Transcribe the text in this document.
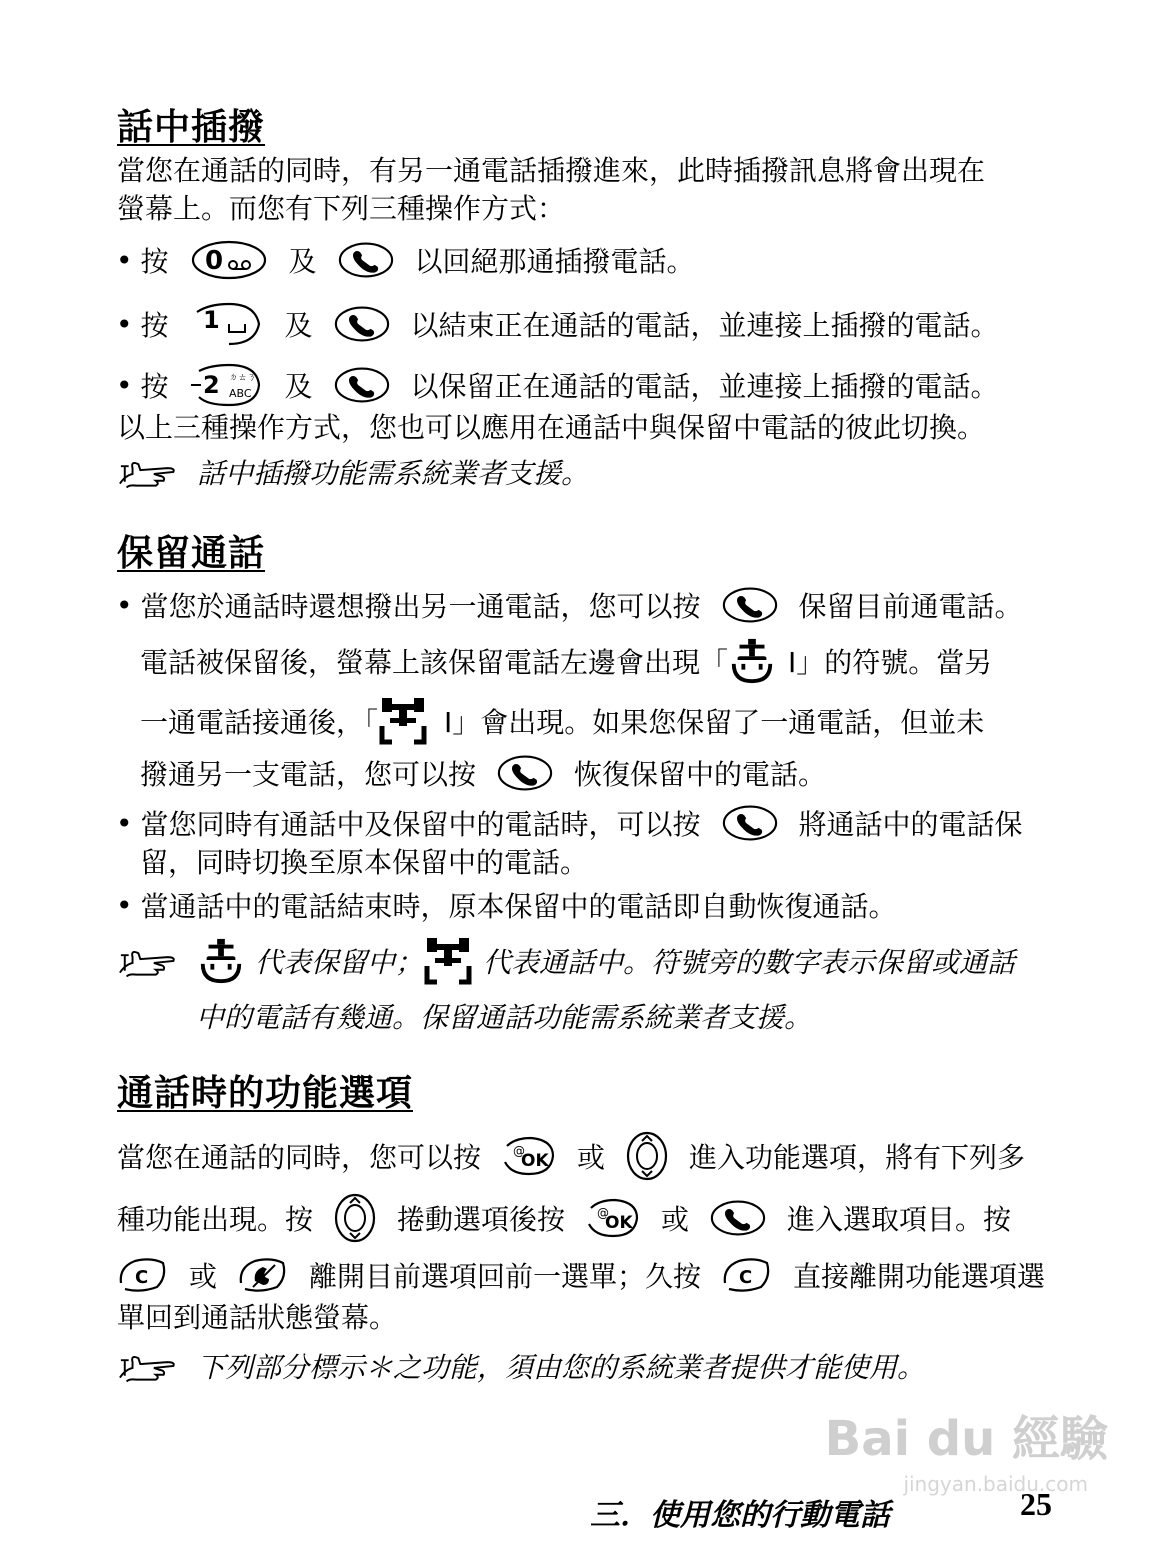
話中插撥
當您在通話的同時，有另一通電話插撥進來，此時插撥訊息將會出現在
螢幕上。而您有下列三種操作方式：
• 按 0 及	以回絕那通插撥電話。
• 按 1 及	以結束正在通話的電話，並連接上插撥的電話。
• 按 2 ㄉㄊㄋ
ABC 及	以保留正在通話的電話，並連接上插撥的電話。
以上三種操作方式，您也可以應用在通話中與保留中電話的彼此切換。
話中插撥功能需系統業者支援。
保留通話
• 當您於通話時還想撥出另一通電話，您可以按	保留目前通電話。
電話被保留後，螢幕上該保留電話左邊會出現「 I」的符號。當另
一通電話接通後，「 I」會出現。如果您保留了一通電話，但並未
撥通另一支電話，您可以按	恢復保留中的電話。
• 當您同時有通話中及保留中的電話時，可以按	將通話中的電話保
留，同時切換至原本保留中的電話。
• 當通話中的電話結束時，原本保留中的電話即自動恢復通話。
代表保留中； 代表通話中。符號旁的數字表示保留或通話
中的電話有幾通。保留通話功能需系統業者支援。
通話時的功能選項
當您在通話的同時，您可以按	@
OK 或	進入功能選項，將有下列多
種功能出現。按	捲動選項後按	@
OK 或	進入選取項目。按
C 或	離開目前選項回前一選單；久按 C 直接離開功能選項選
單回到通話狀態螢幕。
下列部分標示＊之功能，須由您的系統業者提供才能使用。
Bai du 經驗
jingyan.baidu.com
三．使用您的行動電話	25
